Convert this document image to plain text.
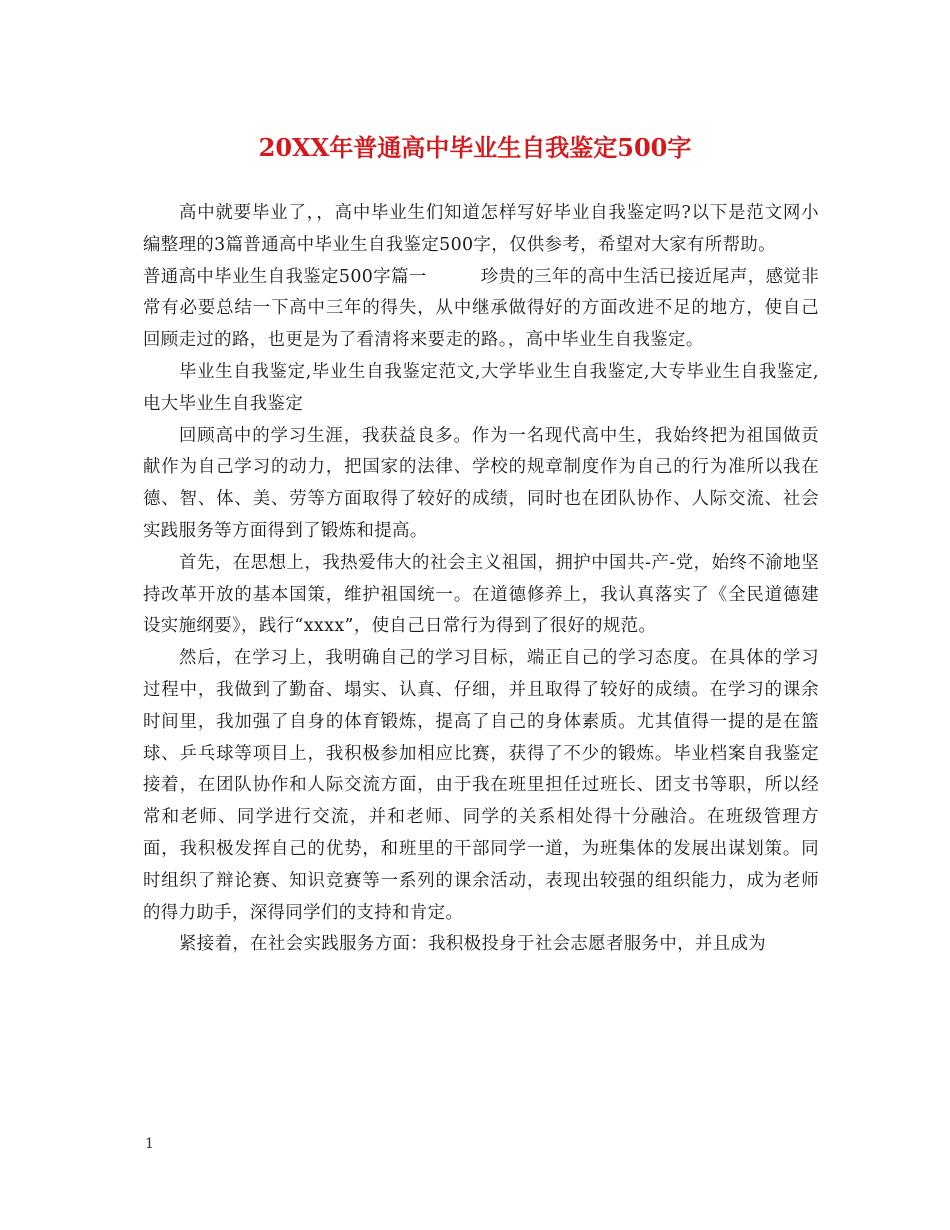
20XX年普通高中毕业生自我鉴定500字

高中就要毕业了，，高中毕业生们知道怎样写好毕业自我鉴定吗?以下是范文网小编整理的3篇普通高中毕业生自我鉴定500字，仅供参考，希望对大家有所帮助。

普通高中毕业生自我鉴定500字篇一	珍贵的三年的高中生活已接近尾声，感觉非常有必要总结一下高中三年的得失，从中继承做得好的方面改进不足的地方，使自己回顾走过的路，也更是为了看清将来要走的路。，高中毕业生自我鉴定。

毕业生自我鉴定,毕业生自我鉴定范文,大学毕业生自我鉴定,大专毕业生自我鉴定,电大毕业生自我鉴定

回顾高中的学习生涯，我获益良多。作为一名现代高中生，我始终把为祖国做贡献作为自己学习的动力，把国家的法律、学校的规章制度作为自己的行为准所以我在德、智、体、美、劳等方面取得了较好的成绩，同时也在团队协作、人际交流、社会实践服务等方面得到了锻炼和提高。

首先，在思想上，我热爱伟大的社会主义祖国，拥护中国共-产-党，始终不渝地坚持改革开放的基本国策，维护祖国统一。在道德修养上，我认真落实了《全民道德建设实施纲要》，践行“xxxx”，使自己日常行为得到了很好的规范。

然后，在学习上，我明确自己的学习目标，端正自己的学习态度。在具体的学习过程中，我做到了勤奋、塌实、认真、仔细，并且取得了较好的成绩。在学习的课余时间里，我加强了自身的体育锻炼，提高了自己的身体素质。尤其值得一提的是在篮球、乒乓球等项目上，我积极参加相应比赛，获得了不少的锻炼。毕业档案自我鉴定接着，在团队协作和人际交流方面，由于我在班里担任过班长、团支书等职，所以经常和老师、同学进行交流，并和老师、同学的关系相处得十分融洽。在班级管理方面，我积极发挥自己的优势，和班里的干部同学一道，为班集体的发展出谋划策。同时组织了辩论赛、知识竞赛等一系列的课余活动，表现出较强的组织能力，成为老师的得力助手，深得同学们的支持和肯定。

紧接着，在社会实践服务方面：我积极投身于社会志愿者服务中，并且成为

1
